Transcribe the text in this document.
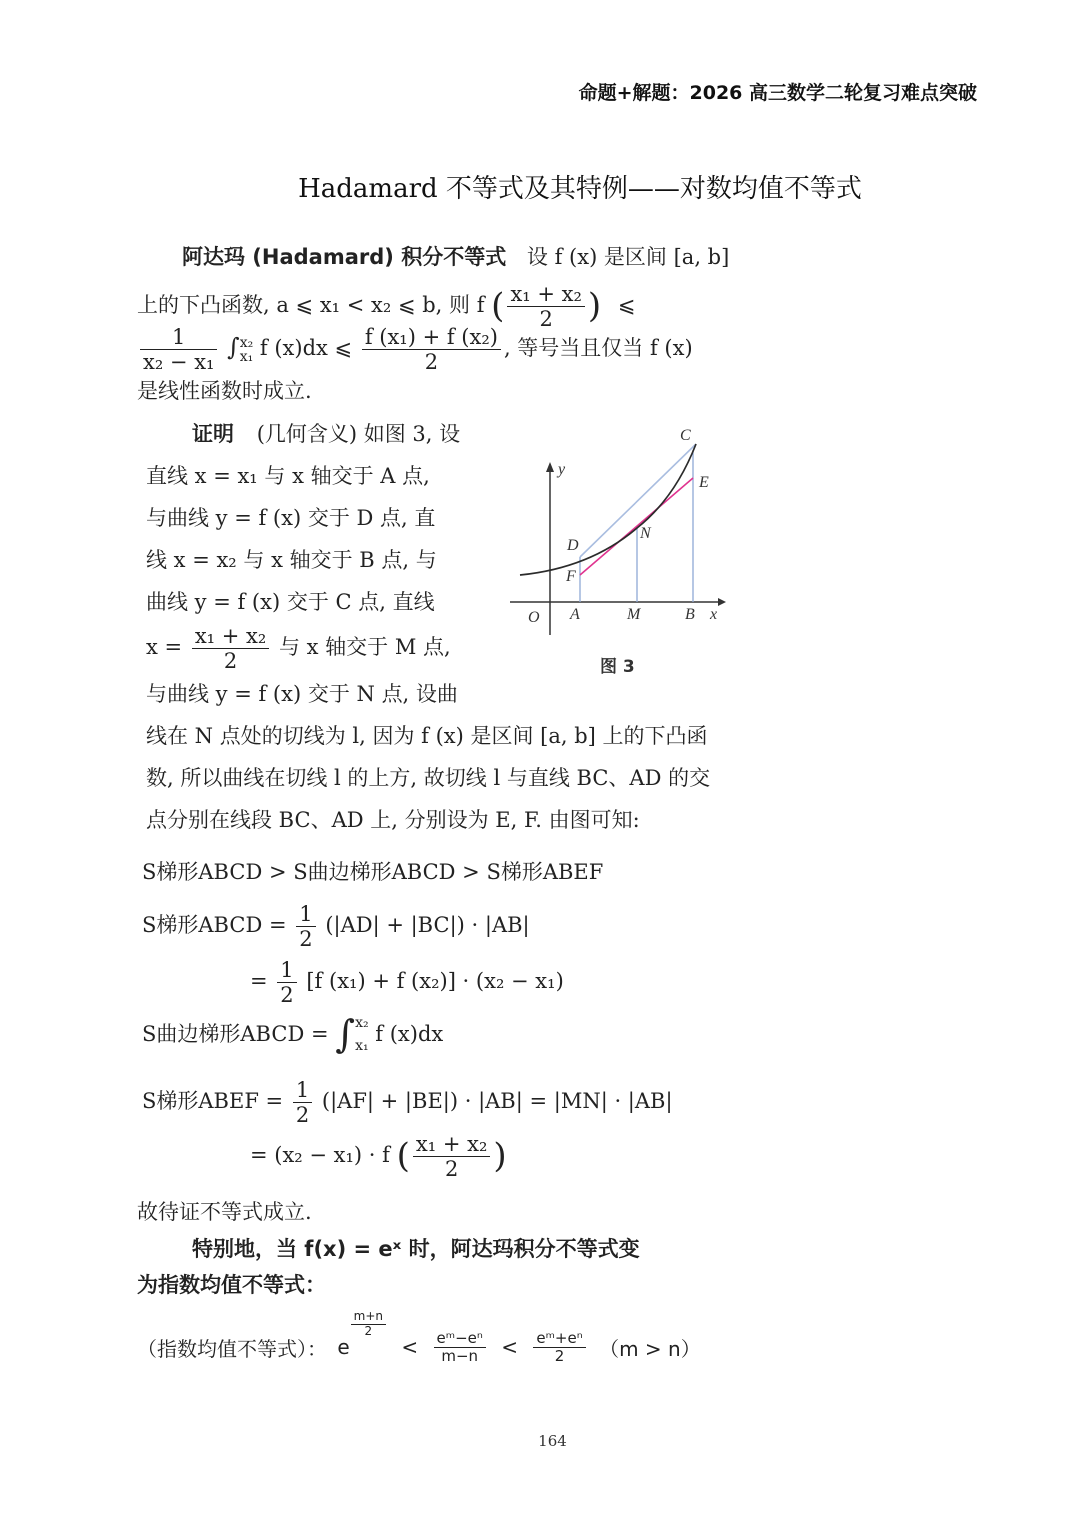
命题+解题：2026 高三数学二轮复习难点突破
Hadamard 不等式及其特例——对数均值不等式
阿达玛 (Hadamard) 积分不等式 设 f (x) 是区间 [a, b]
上的下凸函数, a ⩽ x₁ < x₂ ⩽ b, 则 f ( $\frac{\text{x₁ + x₂}}{2}$ ) ⩽
$\frac{1}{\text{x₂ − x₁}}$ ∫ x₂
x₁ f (x)dx ⩽ $\frac{\text{f (x₁) + f (x₂)}}{2}$ , 等号当且仅当 f (x)
是线性函数时成立.
证明 (几何含义) 如图 3, 设
直线 x = x₁ 与 x 轴交于 A 点,
与曲线 y = f (x) 交于 D 点, 直
线 x = x₂ 与 x 轴交于 B 点, 与
曲线 y = f (x) 交于 C 点, 直线
$x = \frac{\text{x₁ + x₂}}{2}$ 与 x 轴交于 M 点,
与曲线 y = f (x) 交于 N 点, 设曲
线在 N 点处的切线为 l, 因为 f (x) 是区间 [a, b] 上的下凸函
数, 所以曲线在切线 l 的上方, 故切线 l 与直线 BC、AD 的交
点分别在线段 BC、AD 上, 分别设为 E, F. 由图可知:
C
E
y
N
D
F
O A	M	B x
图 3
S梯形ABCD > S曲边梯形ABCD > S梯形ABEF
S梯形ABCD = $\frac{1}{2} (|AD| + |BC|) \cdot |AB|$
= $\frac{1}{2} [f$ (x₁) + f (x₂)] · (x₂ − x₁)
S曲边梯形ABCD = ∫ x₂
x₁ f (x)dx
S梯形ABEF = $\frac{1}{2} (|AF| + |BE|) \cdot |AB| = |MN| \cdot |AB|$
= (x₂ − x₁) · f ( $\frac{\text{x₁ + x₂}}{2}$ )
故待证不等式成立.
特别地，当 f(x) = eˣ 时，阿达玛积分不等式变
为指数均值不等式：
（指数均值不等式）： e
$\frac{m+n}{2}$
< $\frac{\text{eᵐ−eⁿ}}{m-n} < \frac{\text{eᵐ+eⁿ}}{2} (m > n)$
164
